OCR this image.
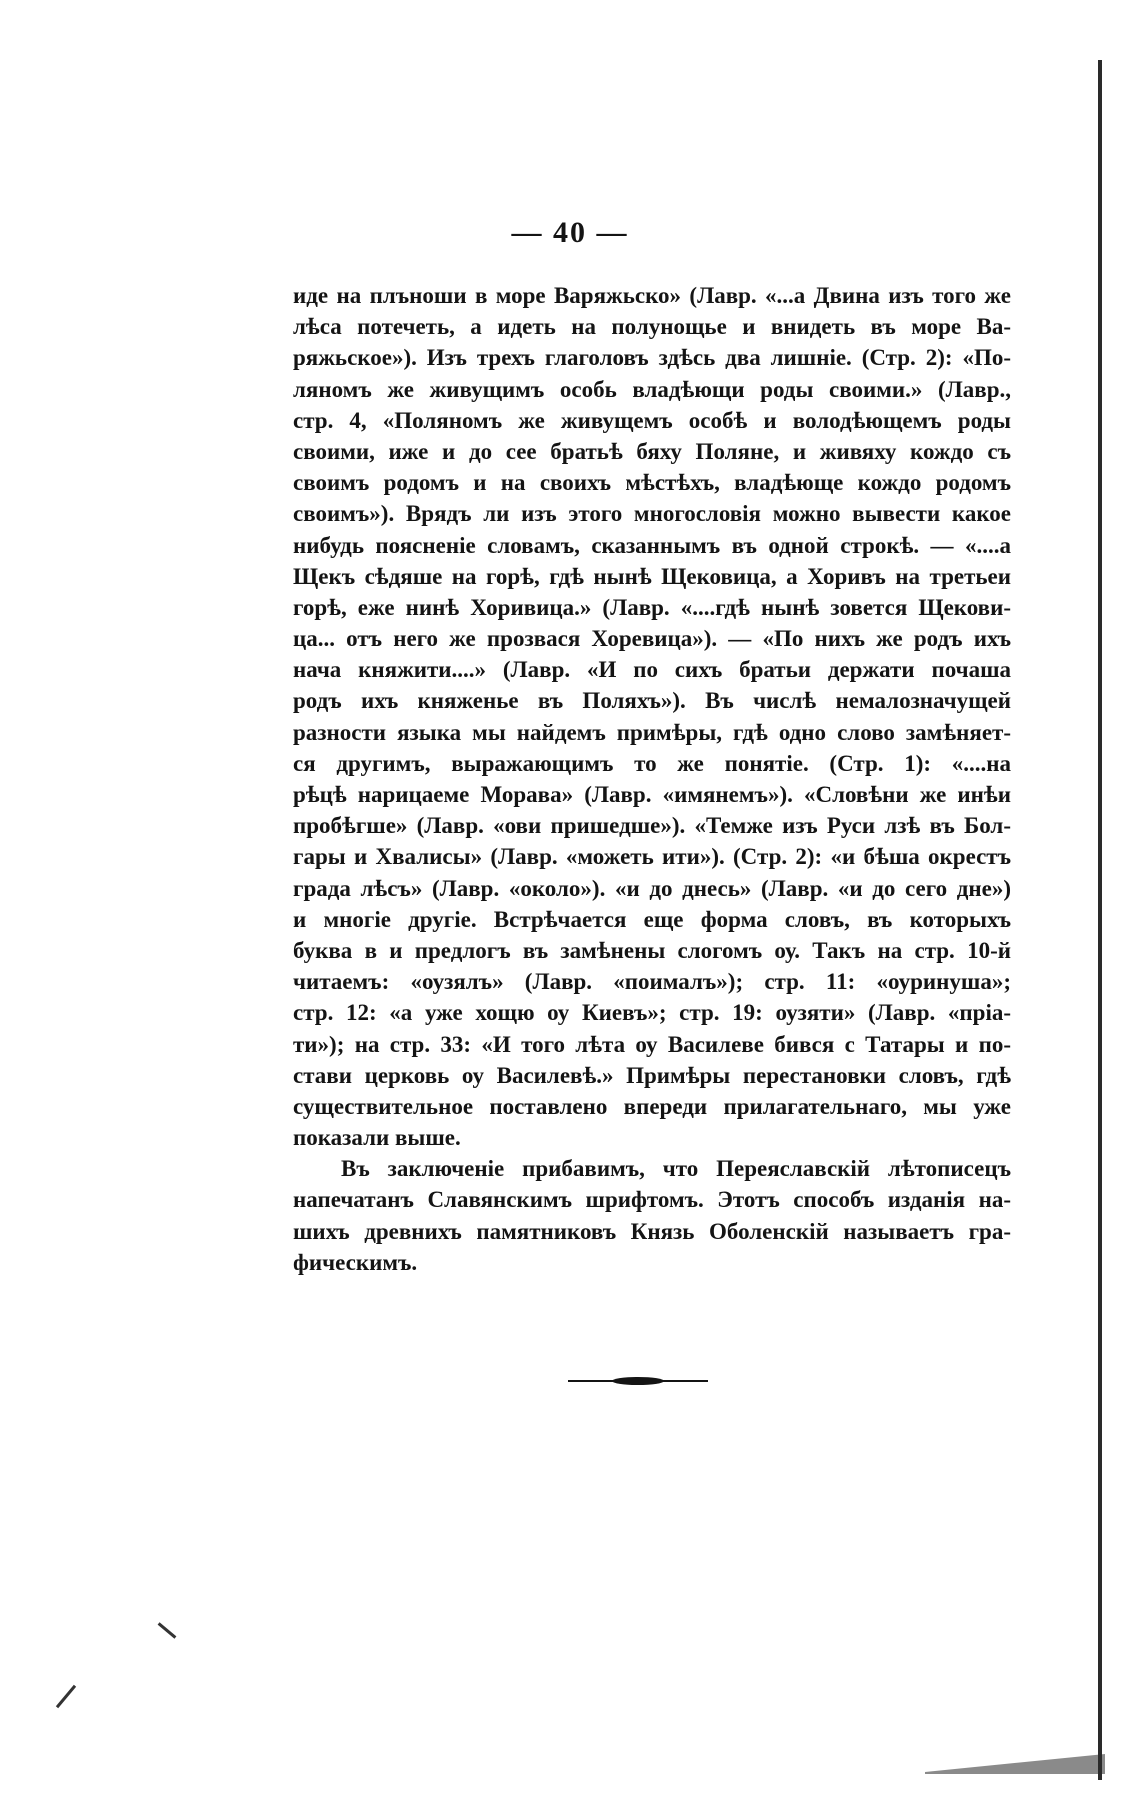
— 40 —
иде на плъноши в море Варяжьско» (Лавр. «...а Двина изъ того же
лѣса потечеть, а идеть на полунощье и внидеть въ море Ва-
ряжьское»). Изъ трехъ глаголовъ здѣсь два лишніе. (Стр. 2): «По-
ляномъ же живущимъ особь владѣющи роды своими.» (Лавр.,
стр. 4, «Поляномъ же живущемъ особѣ и володѣющемъ роды
своими, иже и до сее братьѣ бяху Поляне, и живяху кождо съ
своимъ родомъ и на своихъ мѣстѣхъ, владѣюще кождо родомъ
своимъ»). Врядъ ли изъ этого многословія можно вывести какое
нибудь поясненіе словамъ, сказаннымъ въ одной строкѣ. — «....а
Щекъ сѣдяше на горѣ, гдѣ нынѣ Щековица, а Хоривъ на третьеи
горѣ, еже нинѣ Хоривица.» (Лавр. «....гдѣ нынѣ зовется Щекови-
ца... отъ него же прозвася Хоревица»). — «По нихъ же родъ ихъ
нача княжити....» (Лавр. «И по сихъ братьи держати почаша
родъ ихъ княженье въ Поляхъ»). Въ числѣ немалозначущей
разности языка мы найдемъ примѣры, гдѣ одно слово замѣняет-
ся другимъ, выражающимъ то же понятіе. (Стр. 1): «....на
рѣцѣ нарицаеме Морава» (Лавр. «имянемъ»). «Словѣни же инѣи
пробѣгше» (Лавр. «ови пришедше»). «Темже изъ Руси лзѣ въ Бол-
гары и Хвалисы» (Лавр. «можеть ити»). (Стр. 2): «и бѣша окрестъ
града лѣсъ» (Лавр. «около»). «и до днесь» (Лавр. «и до сего дне»)
и многіе другіе. Встрѣчается еще форма словъ, въ которыхъ
буква в и предлогъ въ замѣнены слогомъ оу. Такъ на стр. 10-й
читаемъ: «оузялъ» (Лавр. «поималъ»); стр. 11: «оуринуша»;
стр. 12: «а уже хощю оу Киевъ»; стр. 19: оузяти» (Лавр. «пріа-
ти»); на стр. 33: «И того лѣта оу Василеве бився с Татары и по-
стави церковь оу Василевѣ.» Примѣры перестановки словъ, гдѣ
существительное поставлено впереди прилагательнаго, мы уже
показали выше.
Въ заключеніе прибавимъ, что Переяславскій лѣтописецъ
напечатанъ Славянскимъ шрифтомъ. Этотъ способъ изданія на-
шихъ древнихъ памятниковъ Князь Оболенскій называетъ гра-
фическимъ.
